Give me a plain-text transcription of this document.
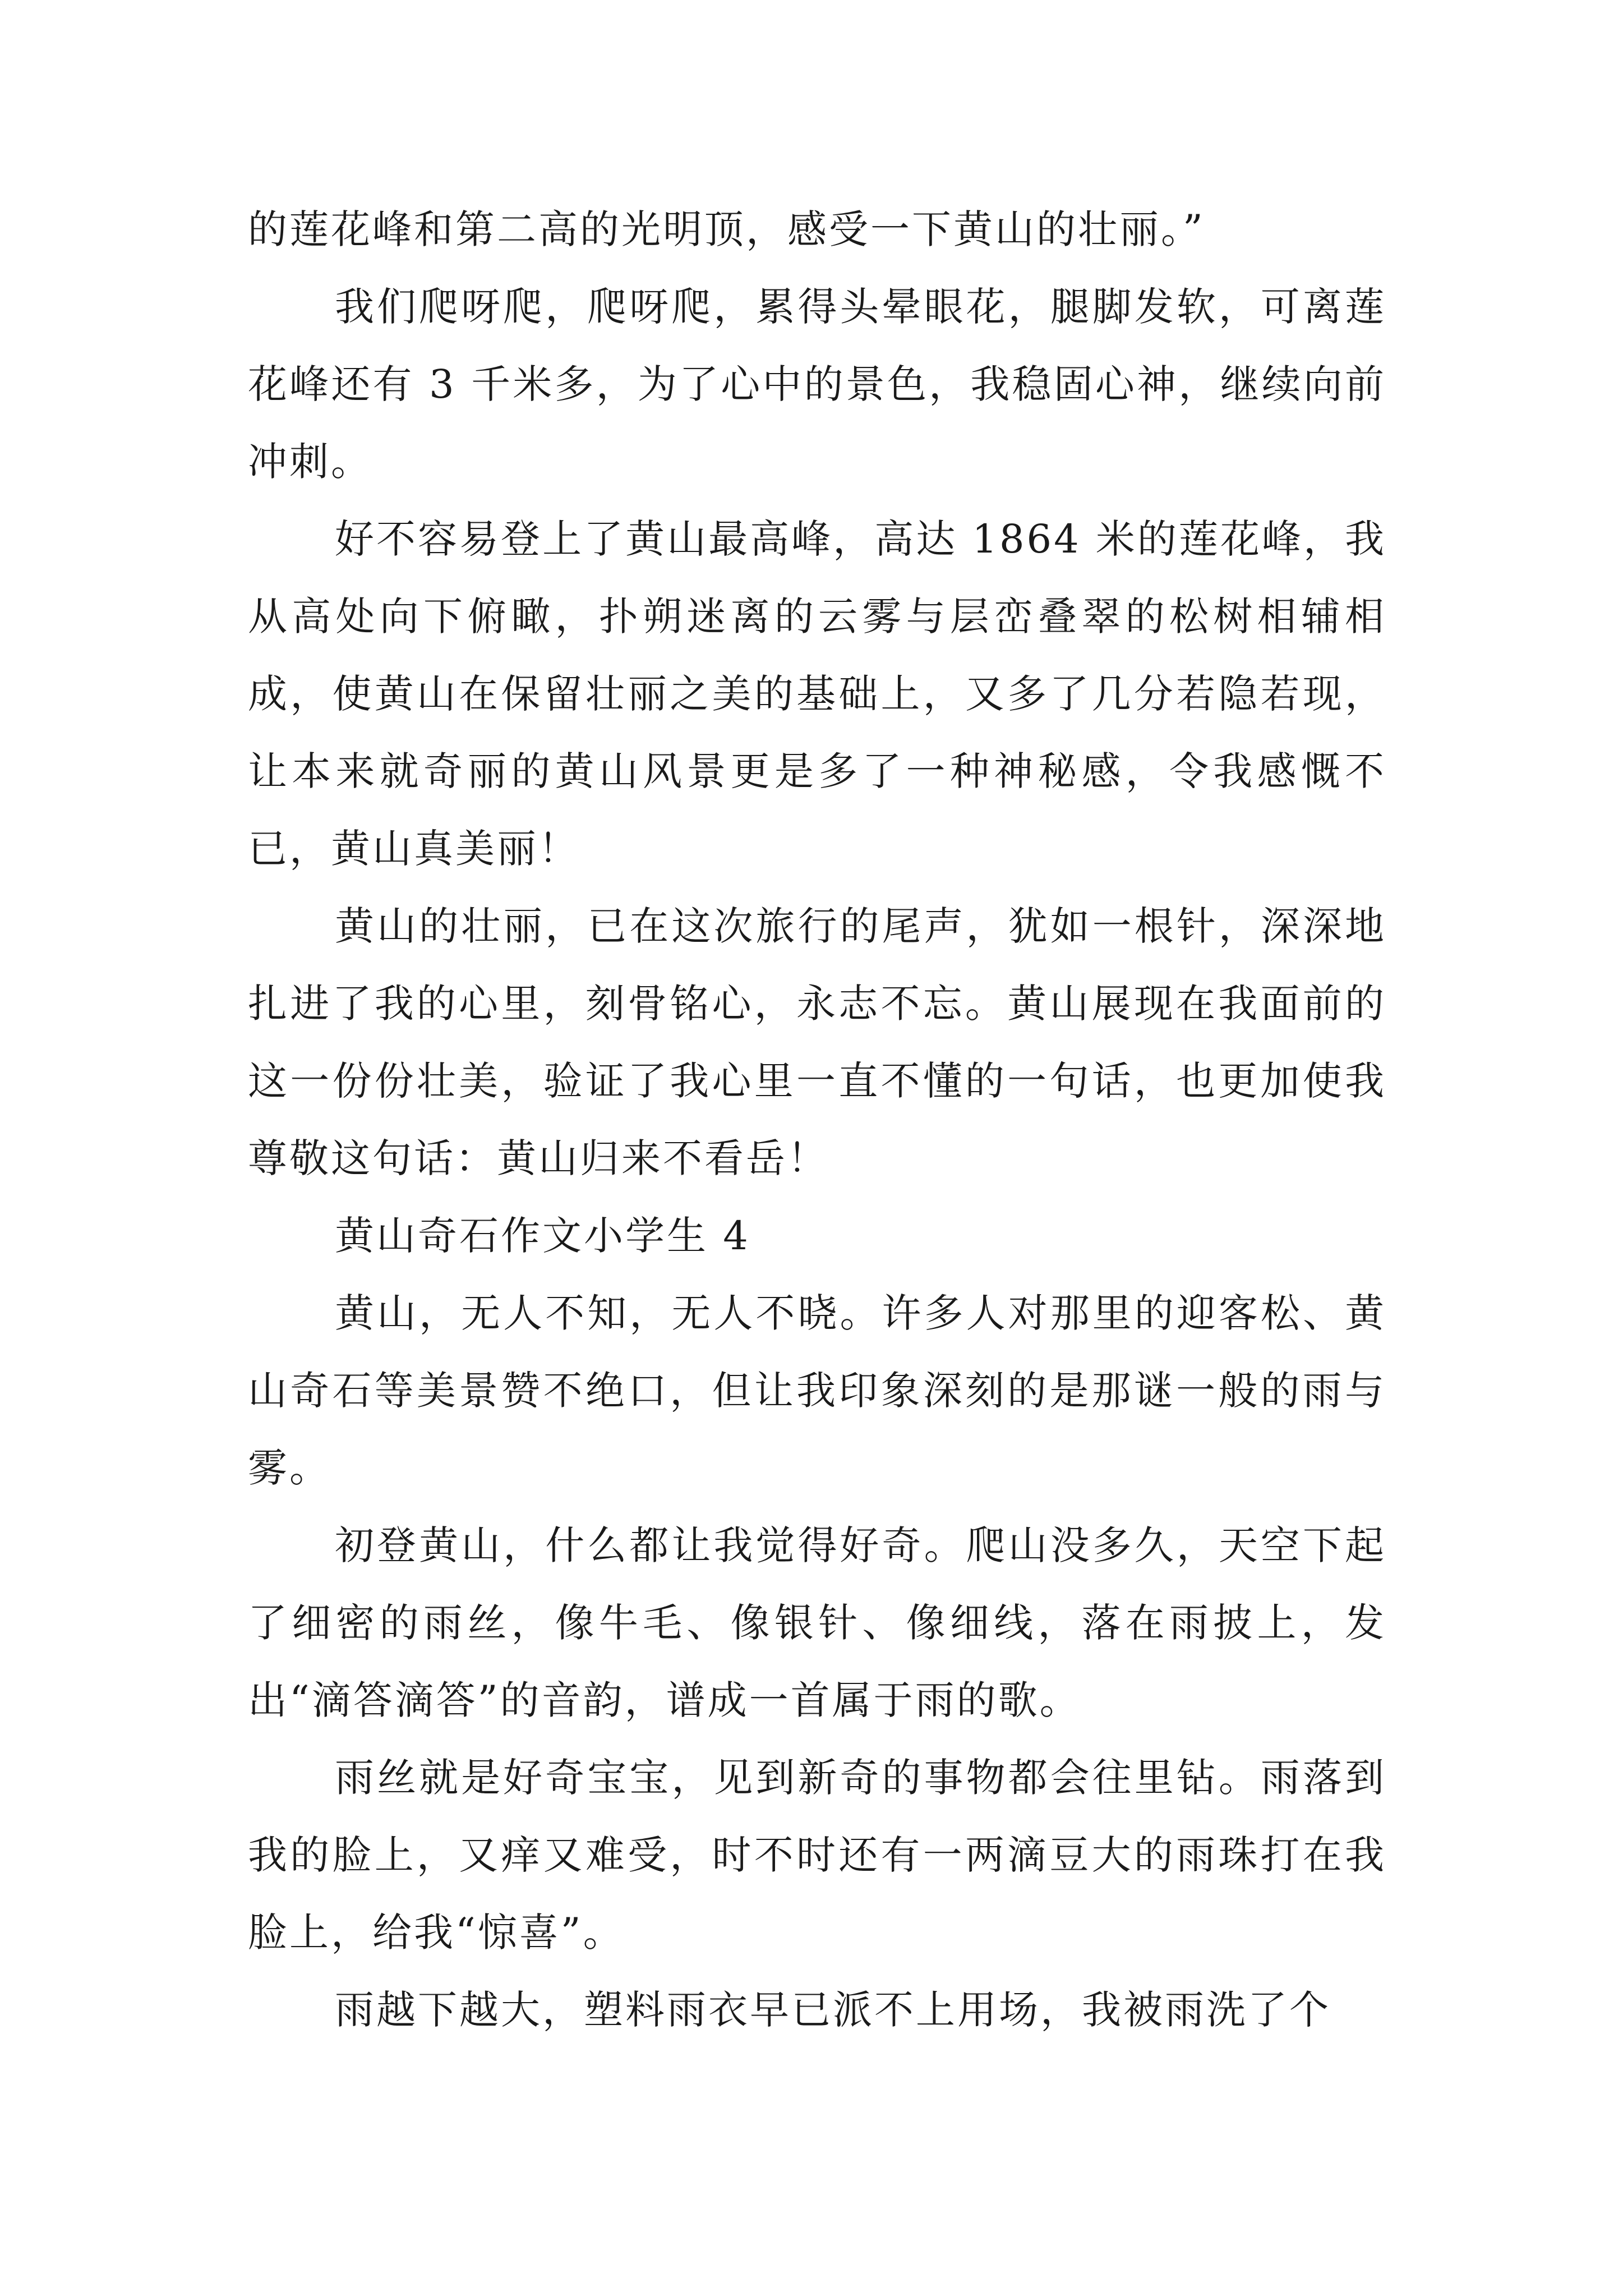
的莲花峰和第二高的光明顶，感受一下黄山的壮丽。”

我们爬呀爬，爬呀爬，累得头晕眼花，腿脚发软，可离莲花峰还有 3 千米多，为了心中的景色，我稳固心神，继续向前冲刺。

好不容易登上了黄山最高峰，高达 1864 米的莲花峰，我从高处向下俯瞰，扑朔迷离的云雾与层峦叠翠的松树相辅相成，使黄山在保留壮丽之美的基础上，又多了几分若隐若现，让本来就奇丽的黄山风景更是多了一种神秘感，令我感慨不已，黄山真美丽！

黄山的壮丽，已在这次旅行的尾声，犹如一根针，深深地扎进了我的心里，刻骨铭心，永志不忘。黄山展现在我面前的这一份份壮美，验证了我心里一直不懂的一句话，也更加使我尊敬这句话：黄山归来不看岳！

黄山奇石作文小学生 4

黄山，无人不知，无人不晓。许多人对那里的迎客松、黄山奇石等美景赞不绝口，但让我印象深刻的是那谜一般的雨与雾。

初登黄山，什么都让我觉得好奇。爬山没多久，天空下起了细密的雨丝，像牛毛、像银针、像细线，落在雨披上，发出“滴答滴答”的音韵，谱成一首属于雨的歌。

雨丝就是好奇宝宝，见到新奇的事物都会往里钻。雨落到我的脸上，又痒又难受，时不时还有一两滴豆大的雨珠打在我脸上，给我“惊喜”。

雨越下越大，塑料雨衣早已派不上用场，我被雨洗了个
